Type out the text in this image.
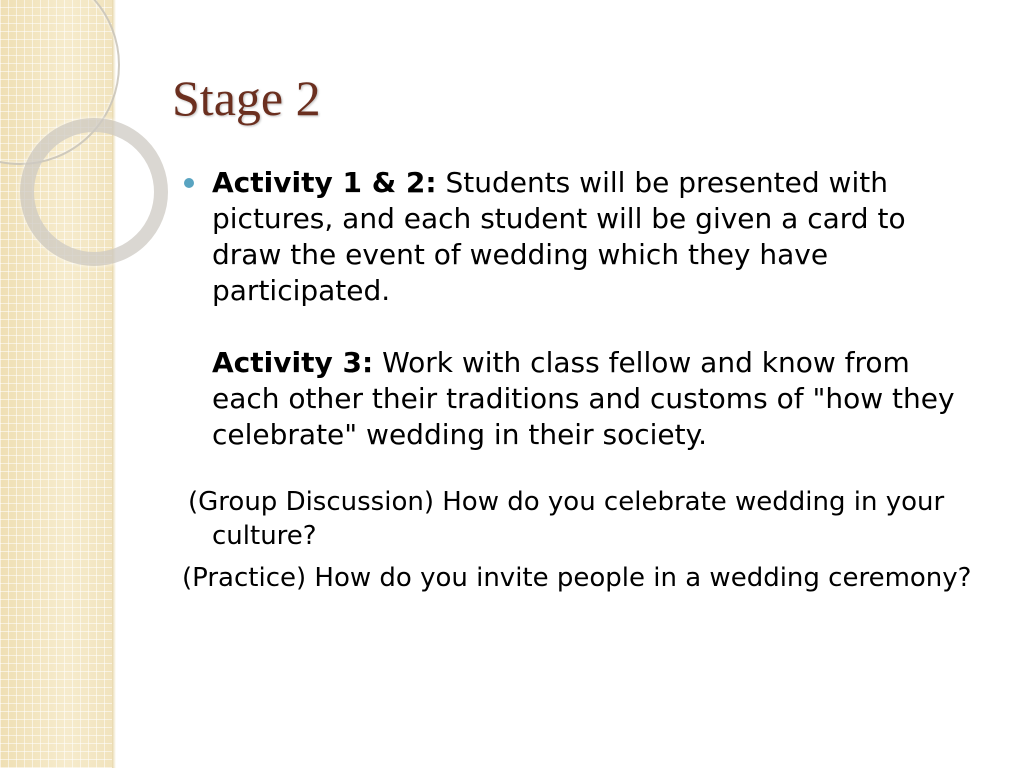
Stage 2

Activity 1 & 2: Students will be presented with pictures, and each student will be given a card to draw the event of wedding which they have participated.

Activity 3: Work with class fellow and know from each other their traditions and customs of "how they celebrate" wedding in their society.

(Group Discussion) How do you celebrate wedding in your culture?

(Practice) How do you invite people in a wedding ceremony?
